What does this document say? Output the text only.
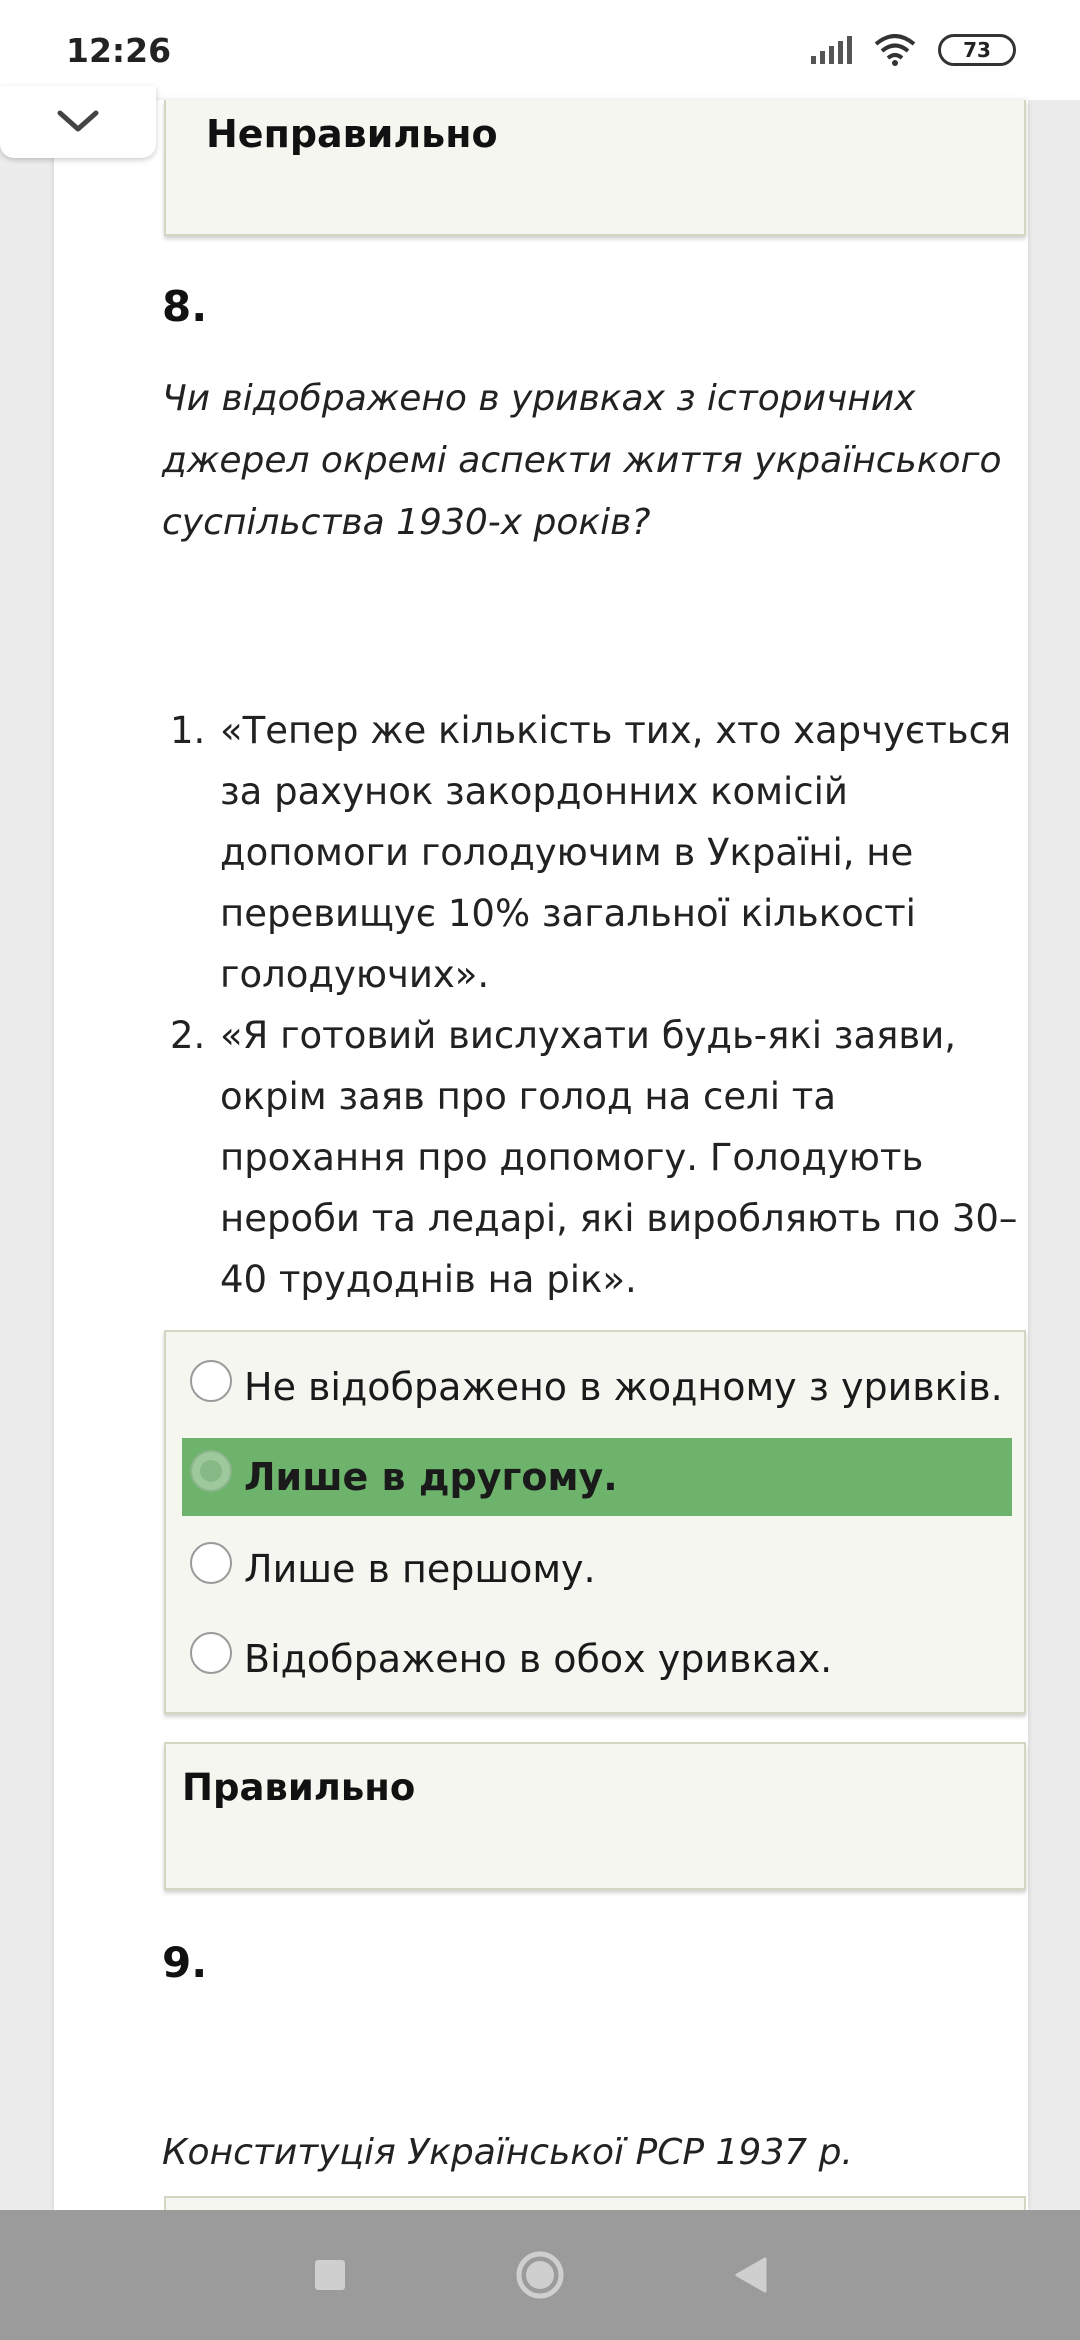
12:26	73
Неправильно
8.
Чи відображено в уривках з історичних джерел окремі аспекти життя українського суспільства 1930-х років?
1. «Тепер же кількість тих, хто харчується за рахунок закордонних комісій допомоги голодуючим в Україні, не перевищує 10% загальної кількості голодуючих».
2. «Я готовий вислухати будь-які заяви, окрім заяв про голод на селі та прохання про допомогу. Голодують нероби та ледарі, які виробляють по 30–40 трудоднів на рік».
Не відображено в жодному з уривків.
Лише в другому.
Лише в першому.
Відображено в обох уривках.
Правильно
9.
Конституція Української РСР 1937 р.
